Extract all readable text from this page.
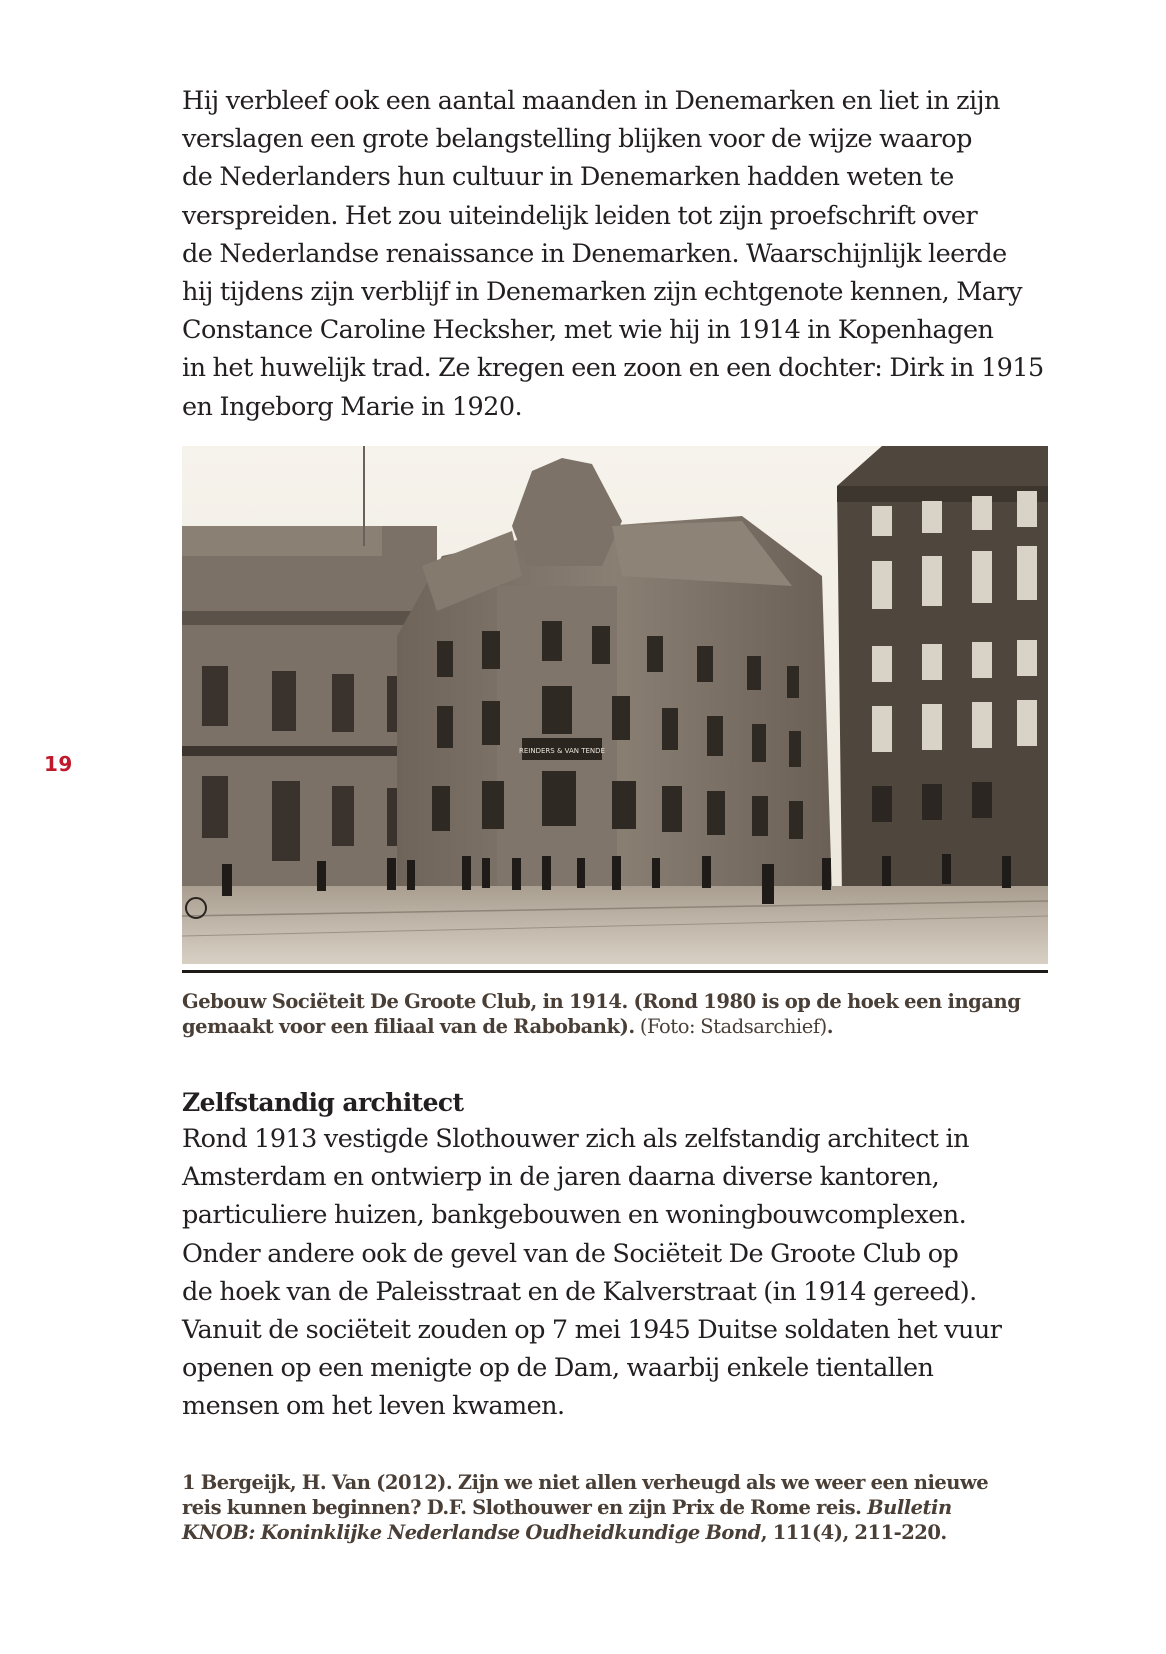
19

Hij verbleef ook een aantal maanden in Denemarken en liet in zijn
verslagen een grote belangstelling blijken voor de wijze waarop
de Nederlanders hun cultuur in Denemarken hadden weten te
verspreiden. Het zou uiteindelijk leiden tot zijn proefschrift over
de Nederlandse renaissance in Denemarken. Waarschijnlijk leerde
hij tijdens zijn verblijf in Denemarken zijn echtgenote kennen, Mary
Constance Caroline Hecksher, met wie hij in 1914 in Kopenhagen
in het huwelijk trad. Ze kregen een zoon en een dochter: Dirk in 1915
en Ingeborg Marie in 1920.

REINDERS & VAN TENDE
Gebouw Sociëteit De Groote Club, in 1914. (Rond 1980 is op de hoek een ingang
gemaakt voor een filiaal van de Rabobank). (Foto: Stadsarchief).
Zelfstandig architect

Rond 1913 vestigde Slothouwer zich als zelfstandig architect in
Amsterdam en ontwierp in de jaren daarna diverse kantoren,
particuliere huizen, bankgebouwen en woningbouwcomplexen.
Onder andere ook de gevel van de Sociëteit De Groote Club op
de hoek van de Paleisstraat en de Kalverstraat (in 1914 gereed).
Vanuit de sociëteit zouden op 7 mei 1945 Duitse soldaten het vuur
openen op een menigte op de Dam, waarbij enkele tientallen
mensen om het leven kwamen.

1 Bergeijk, H. Van (2012). Zijn we niet allen verheugd als we weer een nieuwe
reis kunnen beginnen? D.F. Slothouwer en zijn Prix de Rome reis. Bulletin
KNOB: Koninklijke Nederlandse Oudheidkundige Bond, 111(4), 211-220.
